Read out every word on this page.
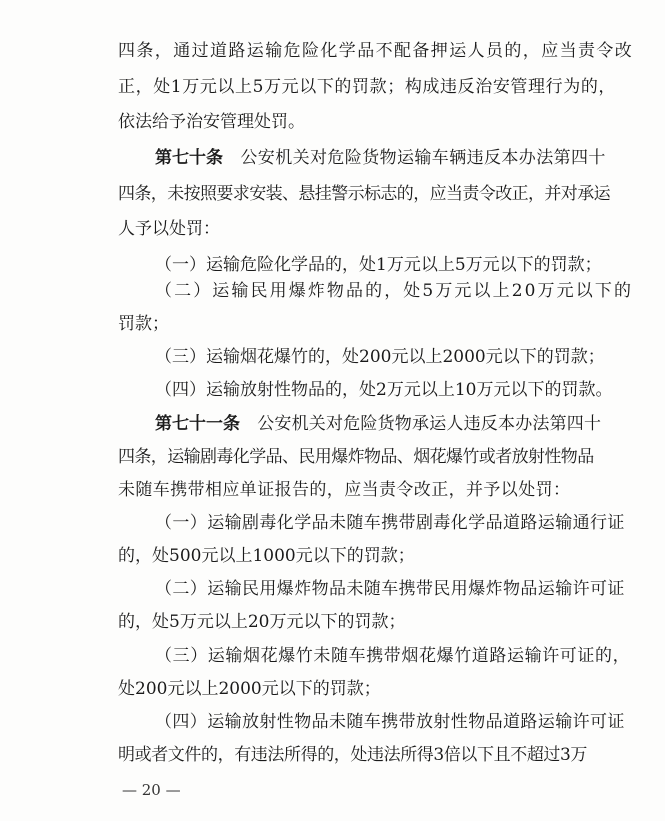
四条，通过道路运输危险化学品不配备押运人员的，应当责令改
正，处1万元以上5万元以下的罚款；构成违反治安管理行为的，
依法给予治安管理处罚。
第七十条　公安机关对危险货物运输车辆违反本办法第四十
四条，未按照要求安装、悬挂警示标志的，应当责令改正，并对承运
人予以处罚：
（一）运输危险化学品的，处1万元以上5万元以下的罚款；
（二）运输民用爆炸物品的，处5万元以上20万元以下的
罚款；
（三）运输烟花爆竹的，处200元以上2000元以下的罚款；
（四）运输放射性物品的，处2万元以上10万元以下的罚款。
第七十一条　公安机关对危险货物承运人违反本办法第四十
四条，运输剧毒化学品、民用爆炸物品、烟花爆竹或者放射性物品
未随车携带相应单证报告的，应当责令改正，并予以处罚：
（一）运输剧毒化学品未随车携带剧毒化学品道路运输通行证
的，处500元以上1000元以下的罚款；
（二）运输民用爆炸物品未随车携带民用爆炸物品运输许可证
的，处5万元以上20万元以下的罚款；
（三）运输烟花爆竹未随车携带烟花爆竹道路运输许可证的，
处200元以上2000元以下的罚款；
（四）运输放射性物品未随车携带放射性物品道路运输许可证
明或者文件的，有违法所得的，处违法所得3倍以下且不超过3万
— 20 —
